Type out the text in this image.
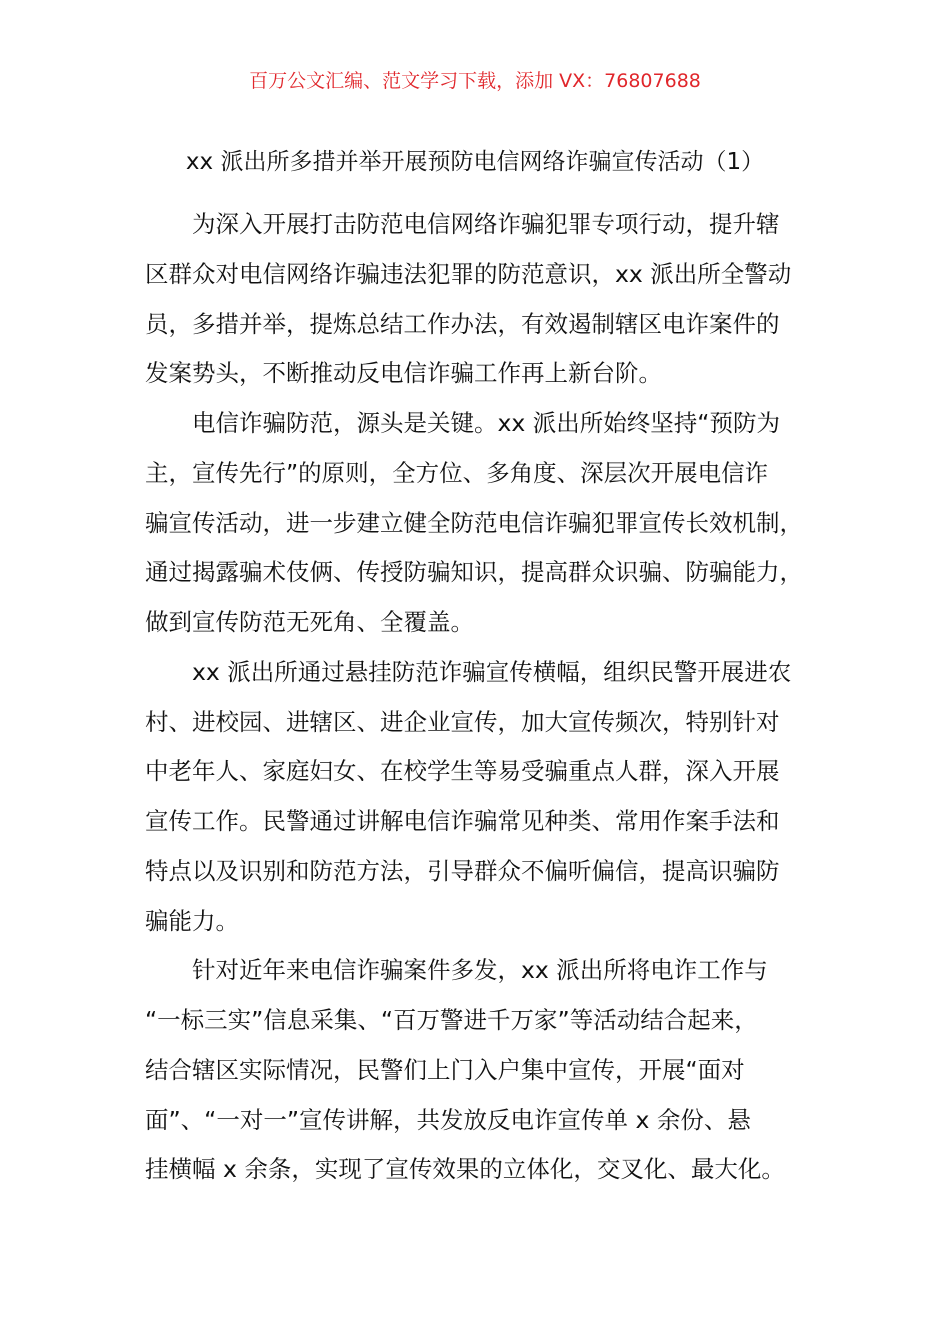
百万公文汇编、范文学习下载，添加 VX：76807688
xx 派出所多措并举开展预防电信网络诈骗宣传活动（1）
为深入开展打击防范电信网络诈骗犯罪专项行动，提升辖
区群众对电信网络诈骗违法犯罪的防范意识，xx 派出所全警动
员，多措并举，提炼总结工作办法，有效遏制辖区电诈案件的
发案势头，不断推动反电信诈骗工作再上新台阶。
电信诈骗防范，源头是关键。xx 派出所始终坚持“预防为
主，宣传先行”的原则，全方位、多角度、深层次开展电信诈
骗宣传活动，进一步建立健全防范电信诈骗犯罪宣传长效机制，
通过揭露骗术伎俩、传授防骗知识，提高群众识骗、防骗能力，
做到宣传防范无死角、全覆盖。
xx 派出所通过悬挂防范诈骗宣传横幅，组织民警开展进农
村、进校园、进辖区、进企业宣传，加大宣传频次，特别针对
中老年人、家庭妇女、在校学生等易受骗重点人群，深入开展
宣传工作。民警通过讲解电信诈骗常见种类、常用作案手法和
特点以及识别和防范方法，引导群众不偏听偏信，提高识骗防
骗能力。
针对近年来电信诈骗案件多发，xx 派出所将电诈工作与
“一标三实”信息采集、“百万警进千万家”等活动结合起来，
结合辖区实际情况，民警们上门入户集中宣传，开展“面对
面”、“一对一”宣传讲解，共发放反电诈宣传单 x 余份、悬
挂横幅 x 余条，实现了宣传效果的立体化，交叉化、最大化。
